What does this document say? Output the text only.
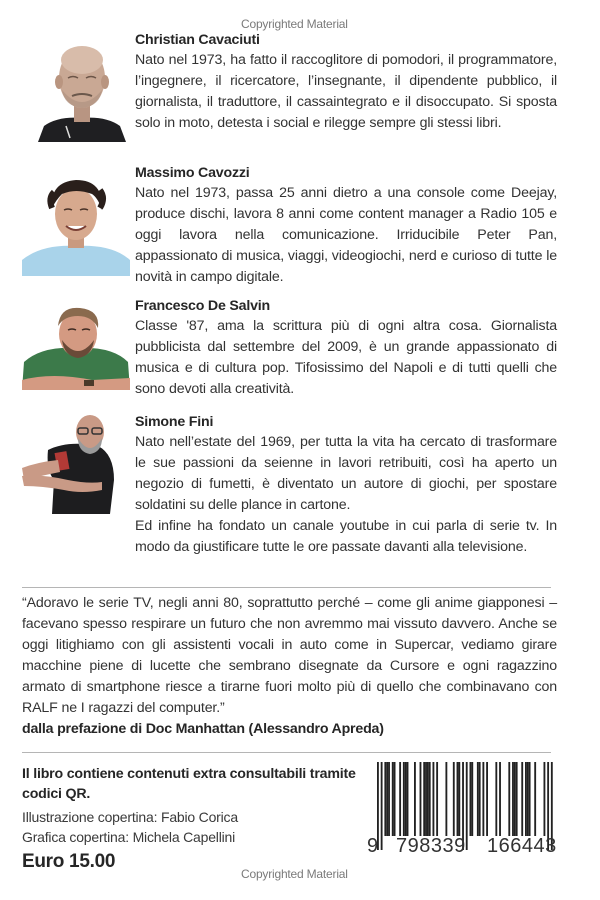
Copyrighted Material
Christian Cavaciuti

Nato nel 1973, ha fatto il raccoglitore di pomodori, il programmatore, l’ingegnere, il ricercatore, l’insegnante, il dipendente pubblico, il giornalista, il traduttore, il cassaintegrato e il disoccupato. Si sposta solo in moto, detesta i social e rilegge sempre gli stessi libri.

Massimo Cavozzi

Nato nel 1973, passa 25 anni dietro a una console come Deejay, produce dischi, lavora 8 anni come content manager a Radio 105 e oggi lavora nella comunicazione. Irriducibile Peter Pan, appassionato di musica, viaggi, videogiochi, nerd e curioso di tutte le novità in campo digitale.

Francesco De Salvin

Classe '87, ama la scrittura più di ogni altra cosa. Giornalista pubblicista dal settembre del 2009, è un grande appassionato di musica e di cultura pop. Tifosissimo del Napoli e di tutti quelli che sono devoti alla creatività.

Simone Fini

Nato nell’estate del 1969, per tutta la vita ha cercato di trasformare le sue passioni da seienne in lavori retribuiti, così ha aperto un negozio di fumetti, è diventato un autore di giochi, per spostare soldatini su delle plance in cartone.

Ed infine ha fondato un canale youtube in cui parla di serie tv. In modo da giustificare tutte le ore passate davanti alla televisione.

“Adoravo le serie TV, negli anni 80, soprattutto perché – come gli anime giapponesi – facevano spesso respirare un futuro che non avremmo mai vissuto davvero. Anche se oggi litighiamo con gli assistenti vocali in auto come in Supercar, vediamo girare macchine piene di lucette che sembrano disegnate da Cursore e ogni ragazzino armato di smartphone riesce a tirarne fuori molto più di quello che combinavano con RALF ne I ragazzi del computer.”

dalla prefazione di Doc Manhattan (Alessandro Apreda)
Il libro contiene contenuti extra consultabili tramite codici QR.
Illustrazione copertina: Fabio Corica
Grafica copertina: Michela Capellini
Euro 15.00
9 798339 166443
Copyrighted Material
